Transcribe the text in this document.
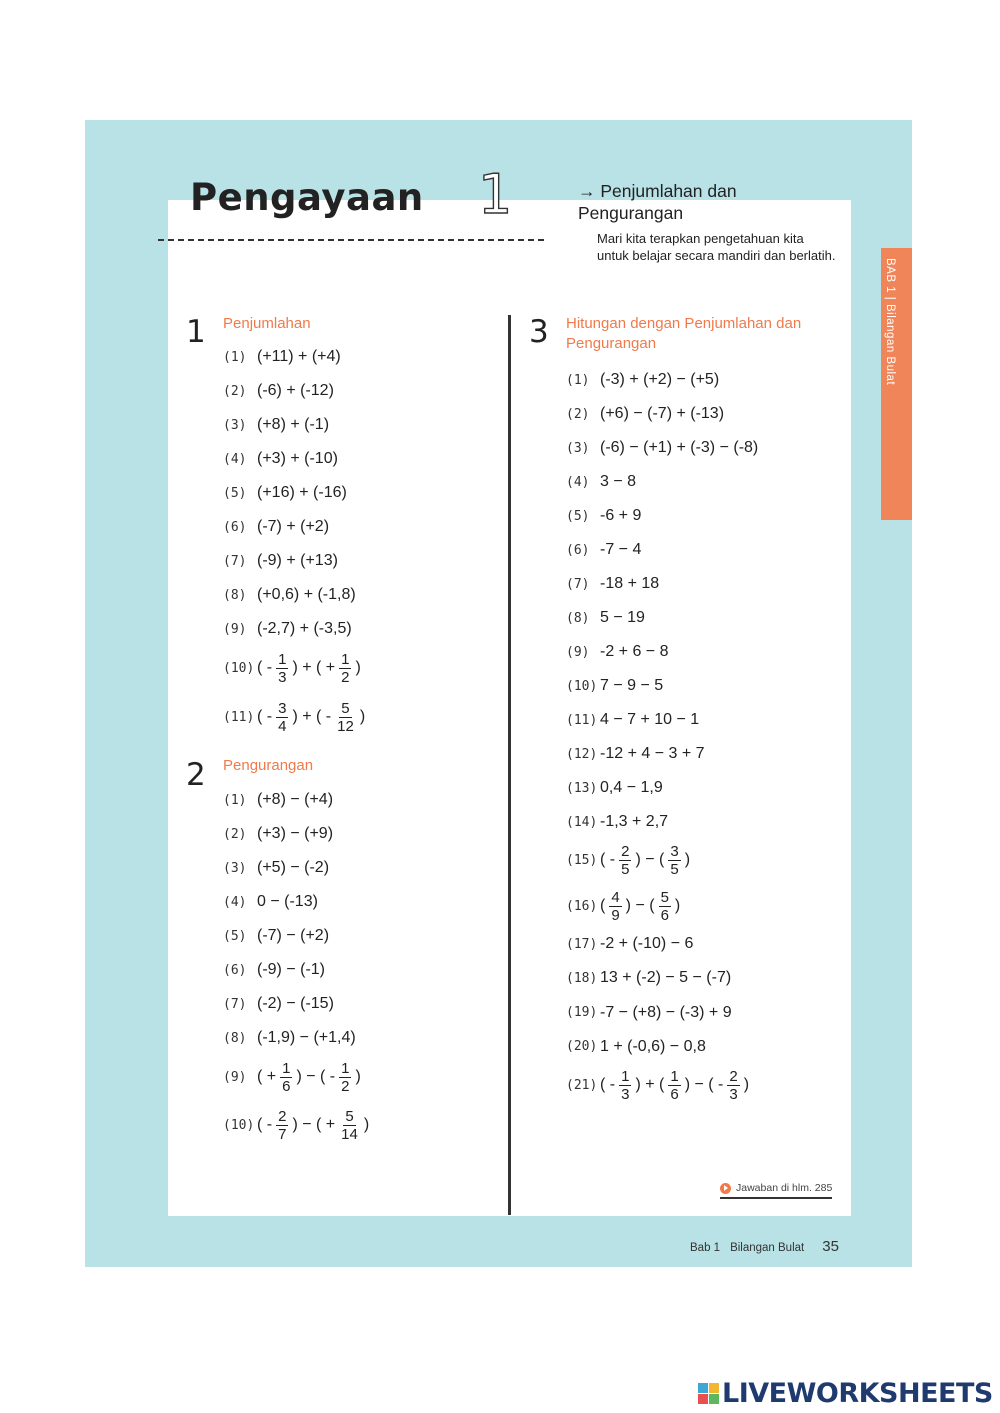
Pengayaan 1	→ Penjumlahan dan Pengurangan
Mari kita terapkan pengetahuan kita untuk belajar secara mandiri dan berlatih.
BAB 1 | Bilangan Bulat
1 Penjumlahan
(1) (+11) + (+4)
(2) (-6) + (-12)
(3) (+8) + (-1)
(4) (+3) + (-10)
(5) (+16) + (-16)
(6) (-7) + (+2)
(7) (-9) + (+13)
(8) (+0,6) + (-1,8)
(9) (-2,7) + (-3,5)
(10) ( - $\frac{1}{3}$ ) + ( + $\frac{1}{2}$ )
(11) ( - $\frac{3}{4}$ ) + ( - $\frac{5}{12}$ )
2 Pengurangan
(1) (+8) − (+4)
(2) (+3) − (+9)
(3) (+5) − (-2)
(4) 0 − (-13)
(5) (-7) − (+2)
(6) (-9) − (-1)
(7) (-2) − (-15)
(8) (-1,9) − (+1,4)
(9) ( + $\frac{1}{6}$ ) − ( - $\frac{1}{2}$ )
(10) ( - $\frac{2}{7}$ ) − ( + $\frac{5}{14}$ )
3 Hitungan dengan Penjumlahan dan Pengurangan
(1) (-3) + (+2) − (+5)
(2) (+6) − (-7) + (-13)
(3) (-6) − (+1) + (-3) − (-8)
(4) 3 − 8
(5) -6 + 9
(6) -7 − 4
(7) -18 + 18
(8) 5 − 19
(9) -2 + 6 − 8
(10) 7 − 9 − 5
(11) 4 − 7 + 10 − 1
(12) -12 + 4 − 3 + 7
(13) 0,4 − 1,9
(14) -1,3 + 2,7
(15) ( - $\frac{2}{5}$ ) − ( $\frac{3}{5}$ )
(16) ( $\frac{4}{9}$ ) − ( $\frac{5}{6}$ )
(17) -2 + (-10) − 6
(18) 13 + (-2) − 5 − (-7)
(19) -7 − (+8) − (-3) + 9
(20) 1 + (-0,6) − 0,8
(21) ( - $\frac{1}{3}$ ) + ( $\frac{1}{6}$ ) − ( - $\frac{2}{3}$ )
Jawaban di hlm. 285
Bab 1 Bilangan Bulat 35
LIVEWORKSHEETS
